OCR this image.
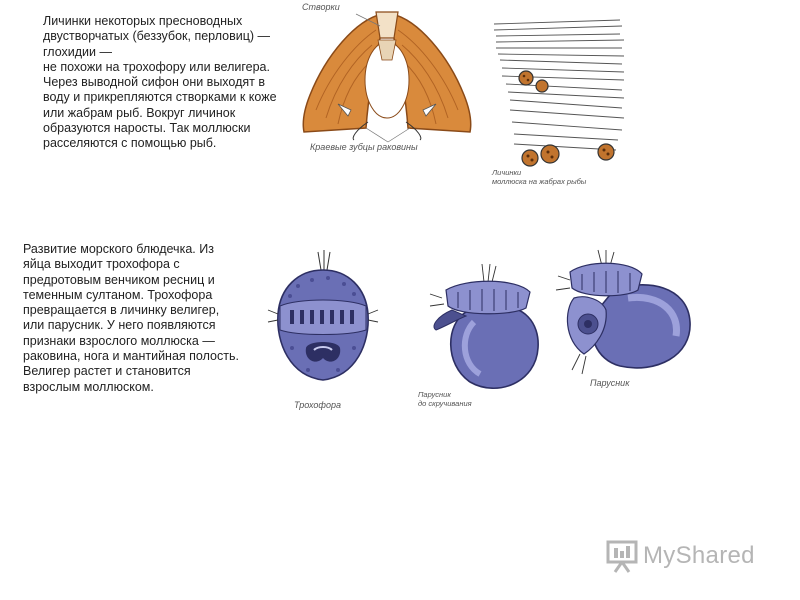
Личинки некоторых пресноводных
двустворчатых (беззубок, перловиц) —
глохидии —
не похожи на трохофору или велигера.
Через выводной сифон они выходят в
воду и прикрепляются створками к коже
или жабрам рыб. Вокруг личинок
образуются наросты. Так моллюски
расселяются с помощью рыб.

Развитие морского блюдечка. Из
яйца выходит трохофора с
предротовым венчиком ресниц и
теменным султаном. Трохофора
превращается в личинку велигер,
или парусник. У него появляются
признаки взрослого моллюска —
раковина, нога и мантийная полость.
Велигер растет и становится
взрослым моллюском.

Створки
Краевые зубцы раковины
Личинки
моллюска на жабрах рыбы
Трохофора
Парусник
до скручивания
Парусник
MyShared
